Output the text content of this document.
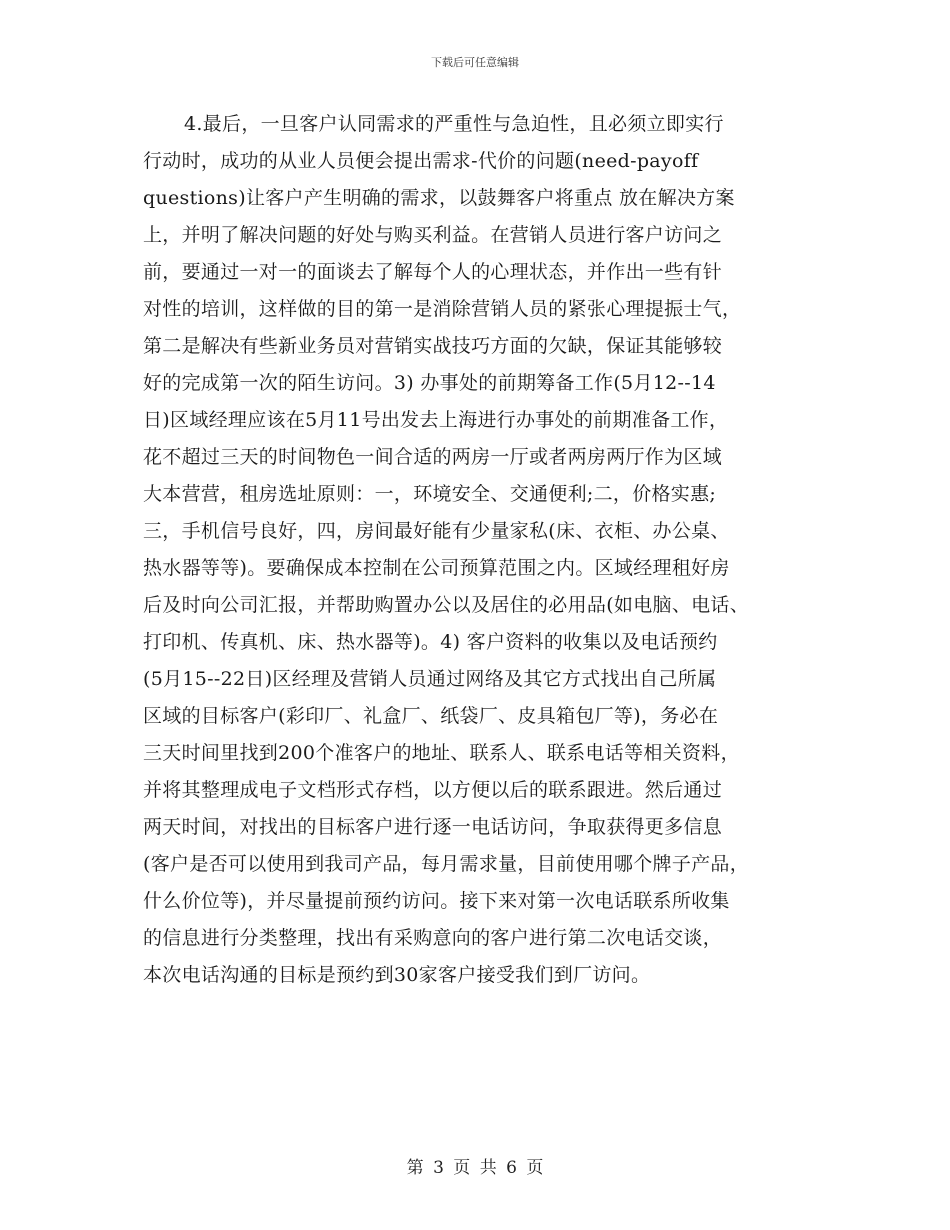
下载后可任意编辑
4.最后，一旦客户认同需求的严重性与急迫性，且必须立即实行
行动时，成功的从业人员便会提出需求-代价的问题(need-payoff
questions)让客户产生明确的需求，以鼓舞客户将重点 放在解决方案
上，并明了解决问题的好处与购买利益。在营销人员进行客户访问之
前，要通过一对一的面谈去了解每个人的心理状态，并作出一些有针
对性的培训，这样做的目的第一是消除营销人员的紧张心理提振士气，
第二是解决有些新业务员对营销实战技巧方面的欠缺，保证其能够较
好的完成第一次的陌生访问。3) 办事处的前期筹备工作(5月12--14
日)区域经理应该在5月11号出发去上海进行办事处的前期准备工作，
花不超过三天的时间物色一间合适的两房一厅或者两房两厅作为区域
大本营营，租房选址原则：一，环境安全、交通便利;二，价格实惠;
三，手机信号良好，四，房间最好能有少量家私(床、衣柜、办公桌、
热水器等等)。要确保成本控制在公司预算范围之内。区域经理租好房
后及时向公司汇报，并帮助购置办公以及居住的必用品(如电脑、电话、
打印机、传真机、床、热水器等)。4) 客户资料的收集以及电话预约
(5月15--22日)区经理及营销人员通过网络及其它方式找出自己所属
区域的目标客户(彩印厂、礼盒厂、纸袋厂、皮具箱包厂等)，务必在
三天时间里找到200个准客户的地址、联系人、联系电话等相关资料，
并将其整理成电子文档形式存档，以方便以后的联系跟进。然后通过
两天时间，对找出的目标客户进行逐一电话访问，争取获得更多信息
(客户是否可以使用到我司产品，每月需求量，目前使用哪个牌子产品，
什么价位等)，并尽量提前预约访问。接下来对第一次电话联系所收集
的信息进行分类整理，找出有采购意向的客户进行第二次电话交谈，
本次电话沟通的目标是预约到30家客户接受我们到厂访问。
第 3 页 共 6 页
